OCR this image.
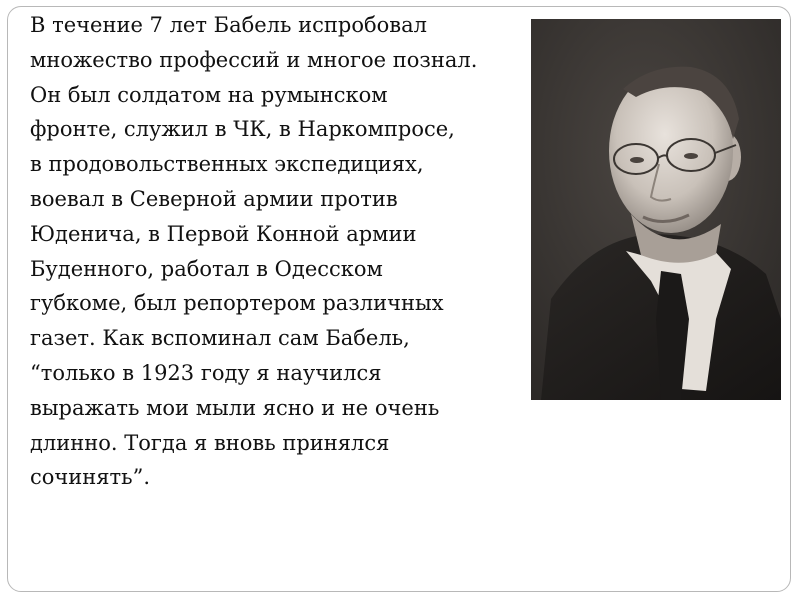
В течение 7 лет Бабель испробовал
множество профессий и многое познал.
Он был солдатом на румынском
фронте, служил в ЧК, в Наркомпросе,
в продовольственных экспедициях,
воевал в Северной армии против
Юденича, в Первой Конной армии
Буденного, работал в Одесском
губкоме, был репортером различных
газет. Как вспоминал сам Бабель,
“только в 1923 году я научился
выражать мои мыли ясно и не очень
длинно. Тогда я вновь принялся
сочинять”.
